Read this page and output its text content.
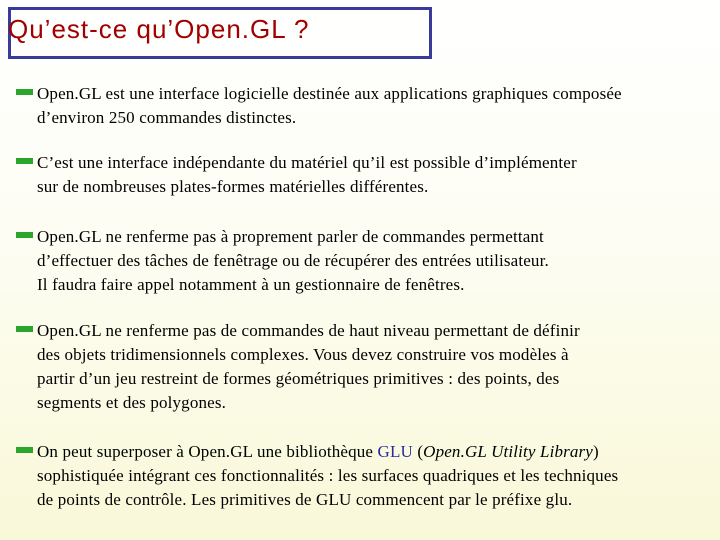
Qu’est-ce qu’Open.GL ?
Open.GL est une interface logicielle destinée aux applications graphiques composée
d’environ 250 commandes distinctes.
C’est une interface indépendante du matériel qu’il est possible d’implémenter
sur de nombreuses plates-formes matérielles différentes.
Open.GL ne renferme pas à proprement parler de commandes permettant
d’effectuer des tâches de fenêtrage ou de récupérer des entrées utilisateur.
Il faudra faire appel notamment à un gestionnaire de fenêtres.
Open.GL ne renferme pas de commandes de haut niveau permettant de définir
des objets tridimensionnels complexes. Vous devez construire vos modèles à
partir d’un jeu restreint de formes géométriques primitives : des points, des
segments et des polygones.
On peut superposer à Open.GL une bibliothèque GLU (Open.GL Utility Library)
sophistiquée intégrant ces fonctionnalités : les surfaces quadriques et les techniques
de points de contrôle. Les primitives de GLU commencent par le préfixe glu.
